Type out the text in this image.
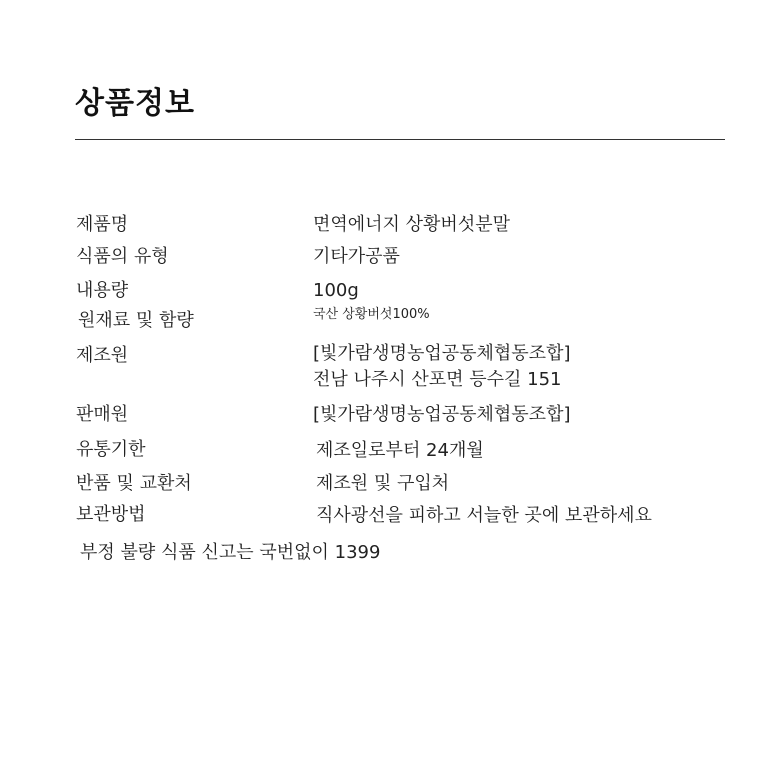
상품정보
제품명	면역에너지 상황버섯분말
식품의 유형	기타가공품
내용량	100g
원재료 및 함량	국산 상황버섯100%
제조원	[빛가람생명농업공동체협동조합]
전남 나주시 산포면 등수길 151
판매원	[빛가람생명농업공동체협동조합]
유통기한	제조일로부터 24개월
반품 및 교환처	제조원 및 구입처
보관방법	직사광선을 피하고 서늘한 곳에 보관하세요
부정 불량 식품 신고는 국번없이 1399
